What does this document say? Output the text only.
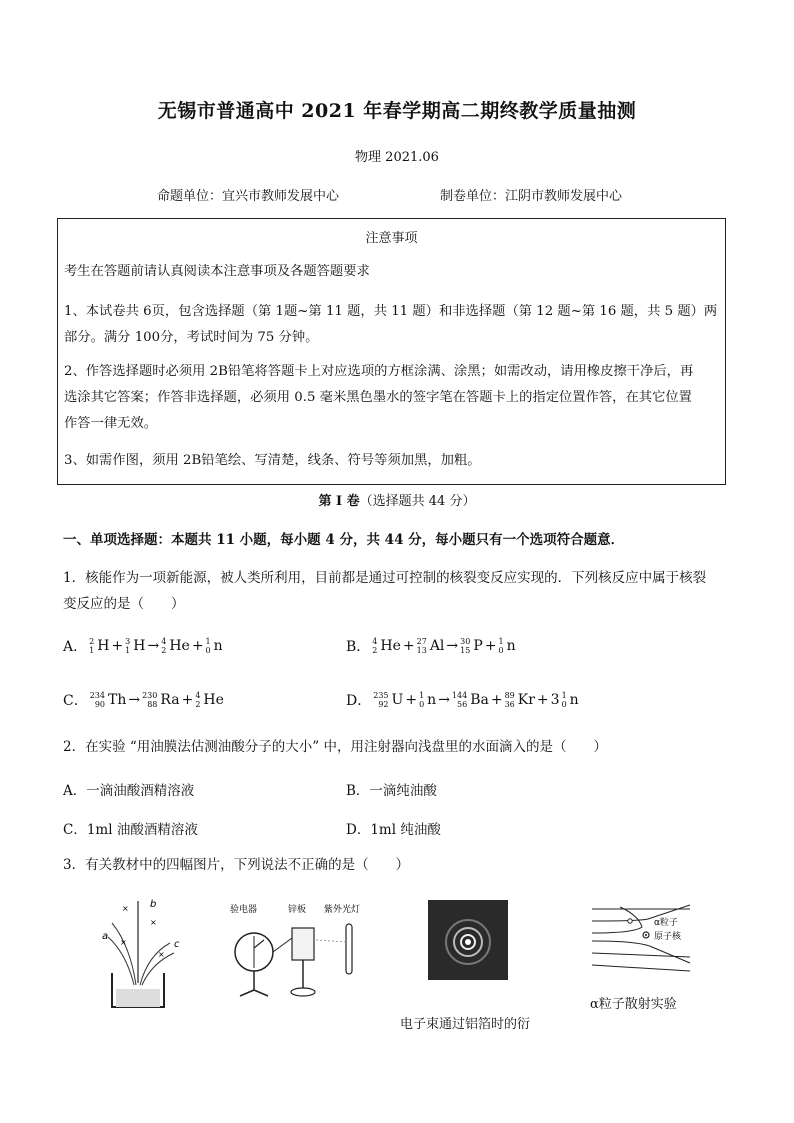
无锡市普通高中 2021 年春学期高二期终教学质量抽测
物理 2021.06
命题单位：宜兴市教师发展中心	制卷单位：江阴市教师发展中心
注意事项
考生在答题前请认真阅读本注意事项及各题答题要求
1、本试卷共 6页，包含选择题（第 1题~第 11 题，共 11 题）和非选择题（第 12 题~第 16 题，共 5 题）两
部分。满分 100分，考试时间为 75 分钟。
2、作答选择题时必须用 2B铅笔将答题卡上对应选项的方框涂满、涂黑；如需改动，请用橡皮擦干净后，再
选涂其它答案；作答非选择题，必须用 0.5 毫米黑色墨水的签字笔在答题卡上的指定位置作答，在其它位置
作答一律无效。
3、如需作图，须用 2B铅笔绘、写清楚，线条、符号等须加黑，加粗。
第 Ⅰ 卷（选择题共 44 分）
一、单项选择题：本题共 11 小题，每小题 4 分，共 44 分，每小题只有一个选项符合题意．
1．核能作为一项新能源，被人类所利用，目前都是通过可控制的核裂变反应实现的．下列核反应中属于核裂
变反应的是（　　）
A． 2
1 H + 3
1 H → 4
2 He + 1
0 n	B． 4
2 He + 27
13 Al → 30
15 P + 1
0 n
C． 234
90 Th → 230
88 Ra + 4
2 He	D． 235
92 U + 1
0 n → 144
56 Ba + 89
36 Kr + 3 1
0 n
2．在实验 “用油膜法估测油酸分子的大小” 中，用注射器向浅盘里的水面滴入的是（　　）
A．一滴油酸酒精溶液	B．一滴纯油酸
C．1ml 油酸酒精溶液	D．1ml 纯油酸
3．有关教材中的四幅图片，下列说法不正确的是（　　）
a
b
c
×
×
×
×
验电器	锌板 紫外光灯
电子束通过铝箔时的衍
α粒子
原子核
α粒子散射实验
